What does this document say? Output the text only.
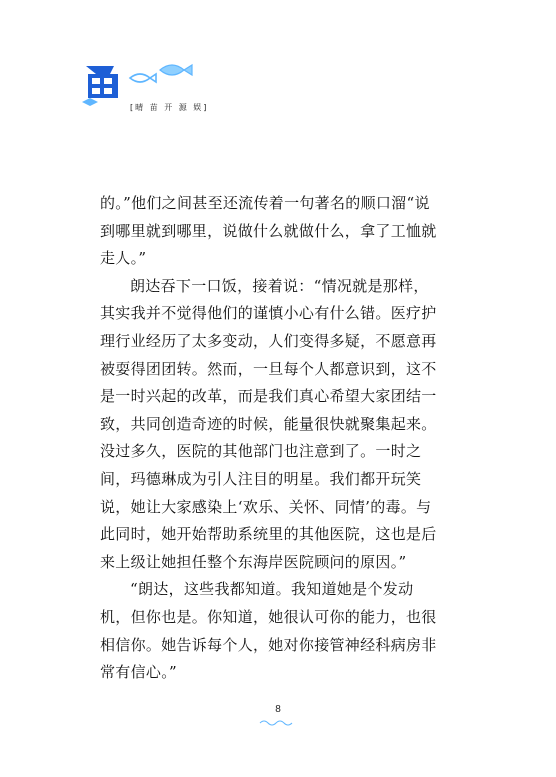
[晴 苗 开 源 娱]

的。”他们之间甚至还流传着一句著名的顺口溜“说到哪里就到哪里，说做什么就做什么，拿了工恤就走人。”

朗达吞下一口饭，接着说：“情况就是那样，其实我并不觉得他们的谨慎小心有什么错。医疗护理行业经历了太多变动，人们变得多疑，不愿意再被耍得团团转。然而，一旦每个人都意识到，这不是一时兴起的改革，而是我们真心希望大家团结一致，共同创造奇迹的时候，能量很快就聚集起来。没过多久，医院的其他部门也注意到了。一时之间，玛德琳成为引人注目的明星。我们都开玩笑说，她让大家感染上‘欢乐、关怀、同情’的毒。与此同时，她开始帮助系统里的其他医院，这也是后来上级让她担任整个东海岸医院顾问的原因。”

“朗达，这些我都知道。我知道她是个发动机，但你也是。你知道，她很认可你的能力，也很相信你。她告诉每个人，她对你接管神经科病房非常有信心。”

8
